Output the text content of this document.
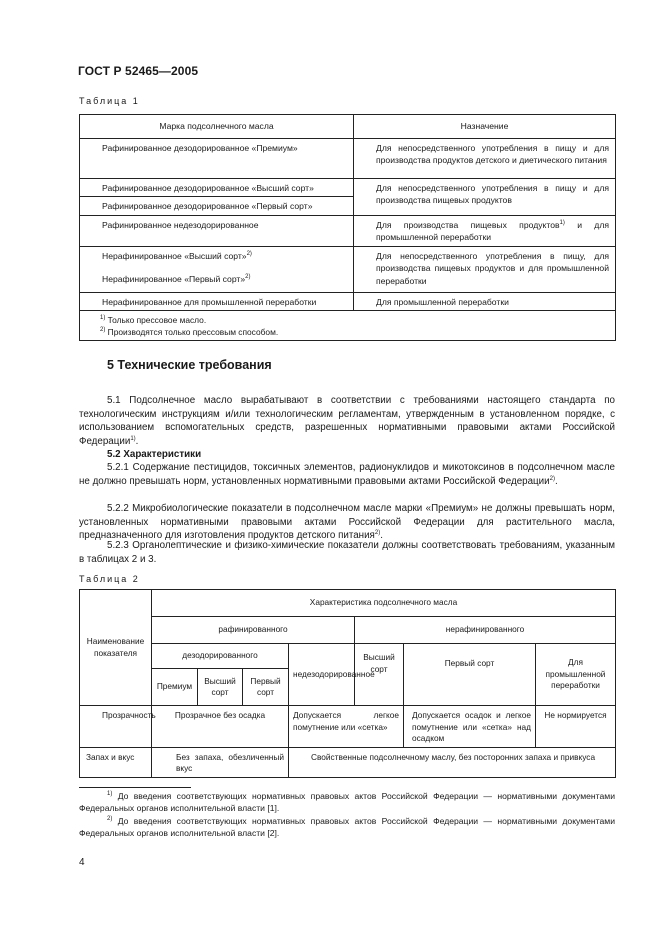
ГОСТ Р 52465—2005
Таблица 1
Марка подсолнечного масла	Назначение
Рафинированное дезодорированное «Премиум»	Для непосредственного употребления в пищу и для производства продуктов детского и диетического питания
Рафинированное дезодорированное «Высший сорт»	Для непосредственного употребления в пищу и для производства пищевых продуктов
Рафинированное дезодорированное «Первый сорт»	
Рафинированное недезодорированное	Для производства пищевых продуктов$^{1)}$ и для промышленной переработки
Нерафинированное «Высший сорт»$^{2)}$	Для непосредственного употребления в пищу, для производства пищевых продуктов и для промышленной переработки
Нерафинированное «Первый сорт»$^{2)}$
Нерафинированное для промышленной переработки	Для промышленной переработки

$^{1)}$ Только прессовое масло.
$^{2)}$ Производятся только прессовым способом.	
5 Технические требования
5.1 Подсолнечное масло вырабатывают в соответствии с требованиями настоящего стандарта по технологическим инструкциям и/или технологическим регламентам, утвержденным в установленном порядке, с использованием вспомогательных средств, разрешенных нормативными правовыми актами Российской Федерации$^{1)}$.
5.2 Характеристики
5.2.1 Содержание пестицидов, токсичных элементов, радионуклидов и микотоксинов в подсолнечном масле не должно превышать норм, установленных нормативными правовыми актами Российской Федерации$^{2)}$.
5.2.2 Микробиологические показатели в подсолнечном масле марки «Премиум» не должны превышать норм, установленных нормативными правовыми актами Российской Федерации для растительного масла, предназначенного для изготовления продуктов детского питания$^{2)}$.
5.2.3 Органолептические и физико-химические показатели должны соответствовать требованиям, указанным в таблицах 2 и 3.
Таблица 2
Наименование показателя	Характеристика подсолнечного масла						
	рафинированного				нерафинированного		
	дезодорированного			недезодорированное	Высший сорт	Первый сорт	Для промышленной переработки
	Премиум	Высший сорт	Первый сорт				
Прозрачность	Прозрачное без осадка			Допускается легкое помутнение или «сетка»		Допускается осадок и легкое помутнение или «сетка» над осадком	Не нормируется
Запах и вкус	Без запаха, обезличенный вкус			Свойственные подсолнечному маслу, без посторонних запаха и привкуса			
$^{1)}$ До введения соответствующих нормативных правовых актов Российской Федерации — нормативными документами Федеральных органов исполнительной власти [1].
$^{2)}$ До введения соответствующих нормативных правовых актов Российской Федерации — нормативными документами Федеральных органов исполнительной власти [2].
4
